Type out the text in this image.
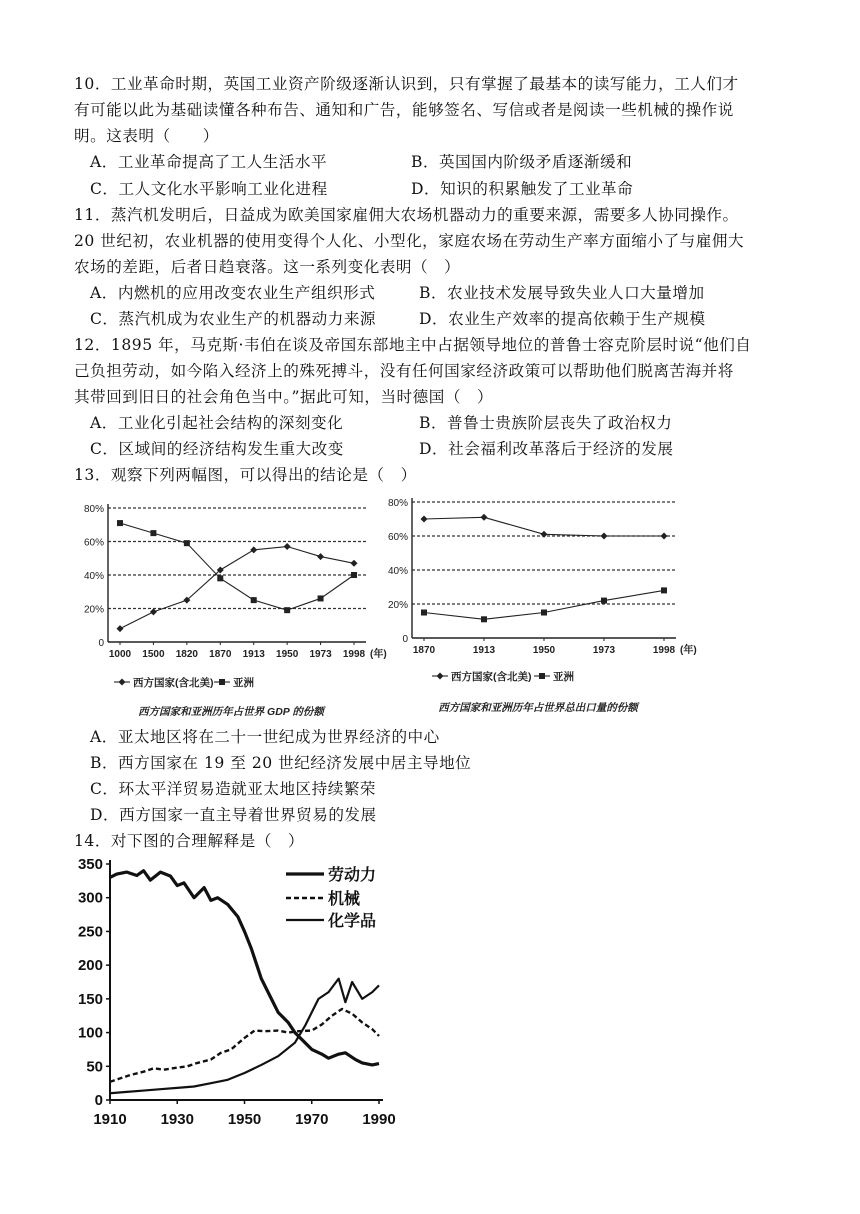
10．工业革命时期，英国工业资产阶级逐渐认识到，只有掌握了最基本的读写能力，工人们才
有可能以此为基础读懂各种布告、通知和广告，能够签名、写信或者是阅读一些机械的操作说
明。这表明（　　）
A．工业革命提高了工人生活水平	B．英国国内阶级矛盾逐渐缓和
C．工人文化水平影响工业化进程	D．知识的积累触发了工业革命
11．蒸汽机发明后，日益成为欧美国家雇佣大农场机器动力的重要来源，需要多人协同操作。
20 世纪初，农业机器的使用变得个人化、小型化，家庭农场在劳动生产率方面缩小了与雇佣大
农场的差距，后者日趋衰落。这一系列变化表明（　）
A．内燃机的应用改变农业生产组织形式	B．农业技术发展导致失业人口大量增加
C．蒸汽机成为农业生产的机器动力来源	D．农业生产效率的提高依赖于生产规模
12．1895 年，马克斯·韦伯在谈及帝国东部地主中占据领导地位的普鲁士容克阶层时说“他们自
己负担劳动，如今陷入经济上的殊死搏斗，没有任何国家经济政策可以帮助他们脱离苦海并将
其带回到旧日的社会角色当中。”据此可知，当时德国（　）
A．工业化引起社会结构的深刻变化	B．普鲁士贵族阶层丧失了政治权力
C．区域间的经济结构发生重大改变	D．社会福利改革落后于经济的发展
13．观察下列两幅图，可以得出的结论是（　）
0
20%
40%
60%
80%
1000 1500 1820 1870 1913 1950 1973 1998 (年)
西方国家(含北美) 亚洲
西方国家和亚洲历年占世界 GDP 的份额
0
20%
40%
60%
80%
1870	1913	1950	1973	1998 (年)
西方国家(含北美) 亚洲
西方国家和亚洲历年占世界总出口量的份额
A．亚太地区将在二十一世纪成为世界经济的中心
B．西方国家在 19 至 20 世纪经济发展中居主导地位
C．环太平洋贸易造就亚太地区持续繁荣
D．西方国家一直主导着世界贸易的发展
14．对下图的合理解释是（　）
0
50
100
150
200
250
300
350
1910 1930 1950 1970 1990
劳动力
机械
化学品
